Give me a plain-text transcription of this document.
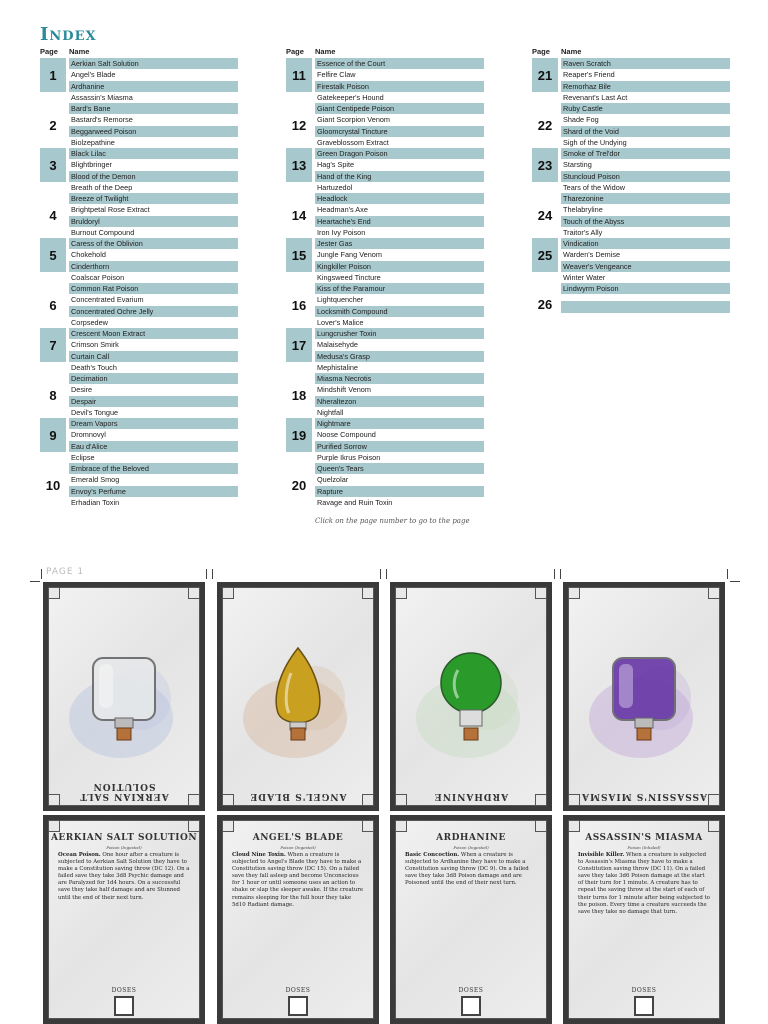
Index
Page Name
1
Aerkian Salt Solution
Angel's Blade
Ardhanine
Assassin's Miasma
2
Bard's Bane
Bastard's Remorse
Beggarweed Poison
Biolzepathine
3
Black Lilac
Blightbringer
Blood of the Demon
Breath of the Deep
4
Breeze of Twilight
Brightpetal Rose Extract
Bruldoryl
Burnout Compound
5
Caress of the Oblivion
Chokehold
Cinderthorn
Coalscar Poison
6
Common Rat Poison
Concentrated Evarium
Concentrated Ochre Jelly
Corpsedew
7
Crescent Moon Extract
Crimson Smirk
Curtain Call
Death's Touch
8
Decimation
Desire
Despair
Devil's Tongue
9
Dream Vapors
Dromnovyl
Eau d'Alice
Eclipse
10
Embrace of the Beloved
Emerald Smog
Envoy's Perfume
Erhadian Toxin
Page Name
11
Essence of the Court
Felfire Claw
Firestalk Poison
Gatekeeper's Hound
12
Giant Centipede Poison
Giant Scorpion Venom
Gloomcrystal Tincture
Graveblossom Extract
13
Green Dragon Poison
Hag's Spite
Hand of the King
Hartuzedol
14
Headlock
Headman's Axe
Heartache's End
Iron Ivy Poison
15
Jester Gas
Jungle Fang Venom
Kingkiller Poison
Kingsweed Tincture
16
Kiss of the Paramour
Lightquencher
Locksmith Compound
Lover's Malice
17
Lungcrusher Toxin
Malaisehyde
Medusa's Grasp
Mephistaline
18
Miasma Necrotis
Mindshift Venom
Nheraltezon
Nightfall
19
Nightmare
Noose Compound
Purified Sorrow
Purple Ikrus Poison
20
Queen's Tears
Quelzolar
Rapture
Ravage and Ruin Toxin
Page Name
21
Raven Scratch
Reaper's Friend
Remorhaz Bile
Revenant's Last Act
22
Ruby Castle
Shade Fog
Shard of the Void
Sigh of the Undying
23
Smoke of Trel'dor
Starsting
Stuncloud Poison
Tears of the Widow
24
Tharezonine
Thelabryline
Touch of the Abyss
Traitor's Ally
25
Vindication
Warden's Demise
Weaver's Vengeance
Winter Water
Lindwyrm Poison
26
Click on the page number to go to the page
PAGE 1
AERKIAN SALT SOLUTION
AERKIAN SALT SOLUTION
Poison (Ingested)
Ocean Poison. One hour after a creature is subjected to Aerkian Salt Solution they have to make a Constitution saving throw (DC 12). On a failed save they take 3d8 Psychic damage and are Paralyzed for 1d4 hours. On a successful save they take half damage and are Stunned until the end of their next turn.
DOSES
ANGEL'S BLADE
ANGEL'S BLADE
Poison (Ingested)
Cloud Nine Toxin. When a creature is subjected to Angel's Blade they have to make a Constitution saving throw (DC 15). On a failed save they fall asleep and become Unconscious for 1 hour or until someone uses an action to shake or slap the sleeper awake. If the creature remains sleeping for the full hour they take 5d10 Radiant damage.
DOSES
ARDHANINE
ARDHANINE
Poison (Ingested)
Basic Concoction. When a creature is subjected to Ardhanine they have to make a Constitution saving throw (DC 9). On a failed save they take 3d8 Poison damage and are Poisoned until the end of their next turn.
DOSES
ASSASSIN'S MIASMA
ASSASSIN'S MIASMA
Poison (Inhaled)
Invisible Killer. When a creature is subjected to Assassin's Miasma they have to make a Constitution saving throw (DC 11). On a failed save they take 3d6 Poison damage at the start of their turn for 1 minute. A creature has to repeat the saving throw at the start of each of their turns for 1 minute after being subjected to the poison. Every time a creature succeeds the save they take no damage that turn.
DOSES
